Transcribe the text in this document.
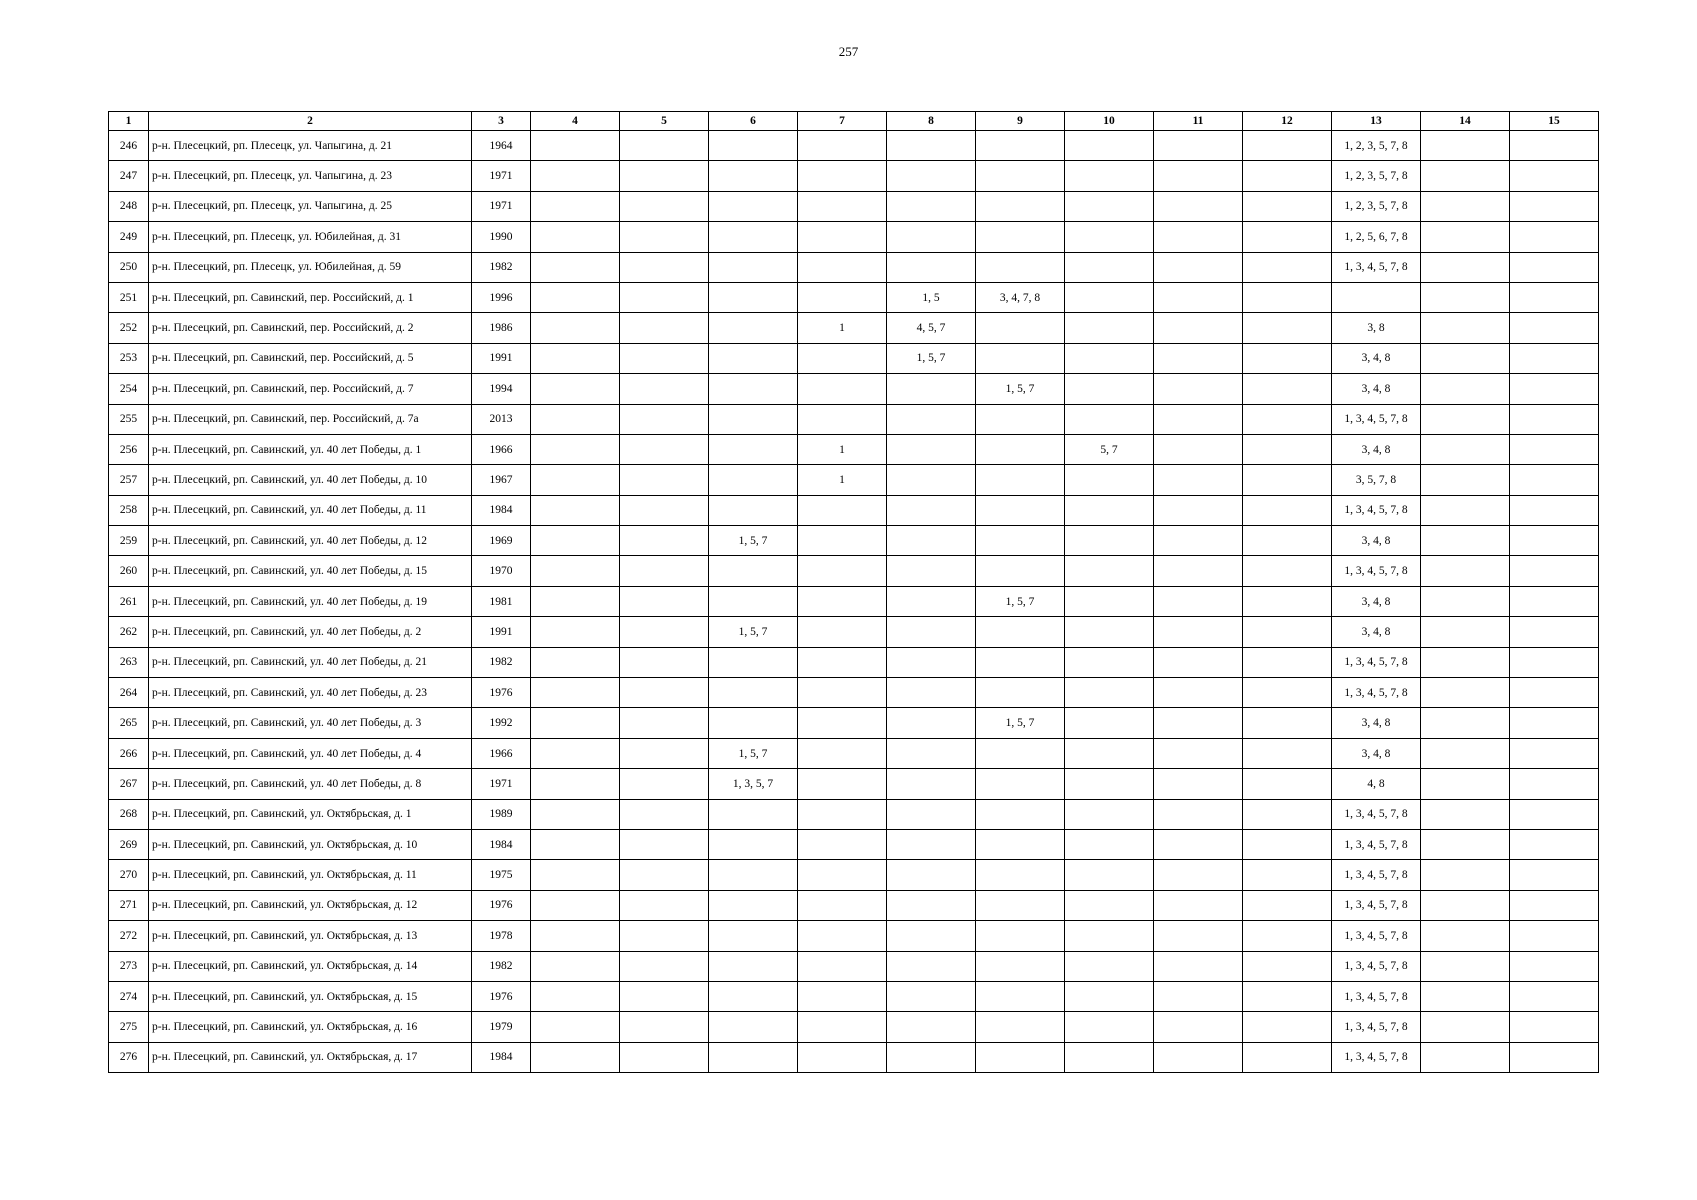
257
1	2	3	4	5	6	7	8	9	10	11	12	13	14	15
246	р-н. Плесецкий, рп. Плесецк, ул. Чапыгина, д. 21	1964										1, 2, 3, 5, 7, 8		
247	р-н. Плесецкий, рп. Плесецк, ул. Чапыгина, д. 23	1971										1, 2, 3, 5, 7, 8		
248	р-н. Плесецкий, рп. Плесецк, ул. Чапыгина, д. 25	1971										1, 2, 3, 5, 7, 8		
249	р-н. Плесецкий, рп. Плесецк, ул. Юбилейная, д. 31	1990										1, 2, 5, 6, 7, 8		
250	р-н. Плесецкий, рп. Плесецк, ул. Юбилейная, д. 59	1982										1, 3, 4, 5, 7, 8		
251	р-н. Плесецкий, рп. Савинский, пер. Российский, д. 1	1996					1, 5	3, 4, 7, 8						
252	р-н. Плесецкий, рп. Савинский, пер. Российский, д. 2	1986				1	4, 5, 7					3, 8		
253	р-н. Плесецкий, рп. Савинский, пер. Российский, д. 5	1991					1, 5, 7					3, 4, 8		
254	р-н. Плесецкий, рп. Савинский, пер. Российский, д. 7	1994						1, 5, 7				3, 4, 8		
255	р-н. Плесецкий, рп. Савинский, пер. Российский, д. 7а	2013										1, 3, 4, 5, 7, 8		
256	р-н. Плесецкий, рп. Савинский, ул. 40 лет Победы, д. 1	1966				1			5, 7			3, 4, 8		
257	р-н. Плесецкий, рп. Савинский, ул. 40 лет Победы, д. 10	1967				1						3, 5, 7, 8		
258	р-н. Плесецкий, рп. Савинский, ул. 40 лет Победы, д. 11	1984										1, 3, 4, 5, 7, 8		
259	р-н. Плесецкий, рп. Савинский, ул. 40 лет Победы, д. 12	1969			1, 5, 7							3, 4, 8		
260	р-н. Плесецкий, рп. Савинский, ул. 40 лет Победы, д. 15	1970										1, 3, 4, 5, 7, 8		
261	р-н. Плесецкий, рп. Савинский, ул. 40 лет Победы, д. 19	1981						1, 5, 7				3, 4, 8		
262	р-н. Плесецкий, рп. Савинский, ул. 40 лет Победы, д. 2	1991			1, 5, 7							3, 4, 8		
263	р-н. Плесецкий, рп. Савинский, ул. 40 лет Победы, д. 21	1982										1, 3, 4, 5, 7, 8		
264	р-н. Плесецкий, рп. Савинский, ул. 40 лет Победы, д. 23	1976										1, 3, 4, 5, 7, 8		
265	р-н. Плесецкий, рп. Савинский, ул. 40 лет Победы, д. 3	1992						1, 5, 7				3, 4, 8		
266	р-н. Плесецкий, рп. Савинский, ул. 40 лет Победы, д. 4	1966			1, 5, 7							3, 4, 8		
267	р-н. Плесецкий, рп. Савинский, ул. 40 лет Победы, д. 8	1971			1, 3, 5, 7							4, 8		
268	р-н. Плесецкий, рп. Савинский, ул. Октябрьская, д. 1	1989										1, 3, 4, 5, 7, 8		
269	р-н. Плесецкий, рп. Савинский, ул. Октябрьская, д. 10	1984										1, 3, 4, 5, 7, 8		
270	р-н. Плесецкий, рп. Савинский, ул. Октябрьская, д. 11	1975										1, 3, 4, 5, 7, 8		
271	р-н. Плесецкий, рп. Савинский, ул. Октябрьская, д. 12	1976										1, 3, 4, 5, 7, 8		
272	р-н. Плесецкий, рп. Савинский, ул. Октябрьская, д. 13	1978										1, 3, 4, 5, 7, 8		
273	р-н. Плесецкий, рп. Савинский, ул. Октябрьская, д. 14	1982										1, 3, 4, 5, 7, 8		
274	р-н. Плесецкий, рп. Савинский, ул. Октябрьская, д. 15	1976										1, 3, 4, 5, 7, 8		
275	р-н. Плесецкий, рп. Савинский, ул. Октябрьская, д. 16	1979										1, 3, 4, 5, 7, 8		
276	р-н. Плесецкий, рп. Савинский, ул. Октябрьская, д. 17	1984										1, 3, 4, 5, 7, 8		
